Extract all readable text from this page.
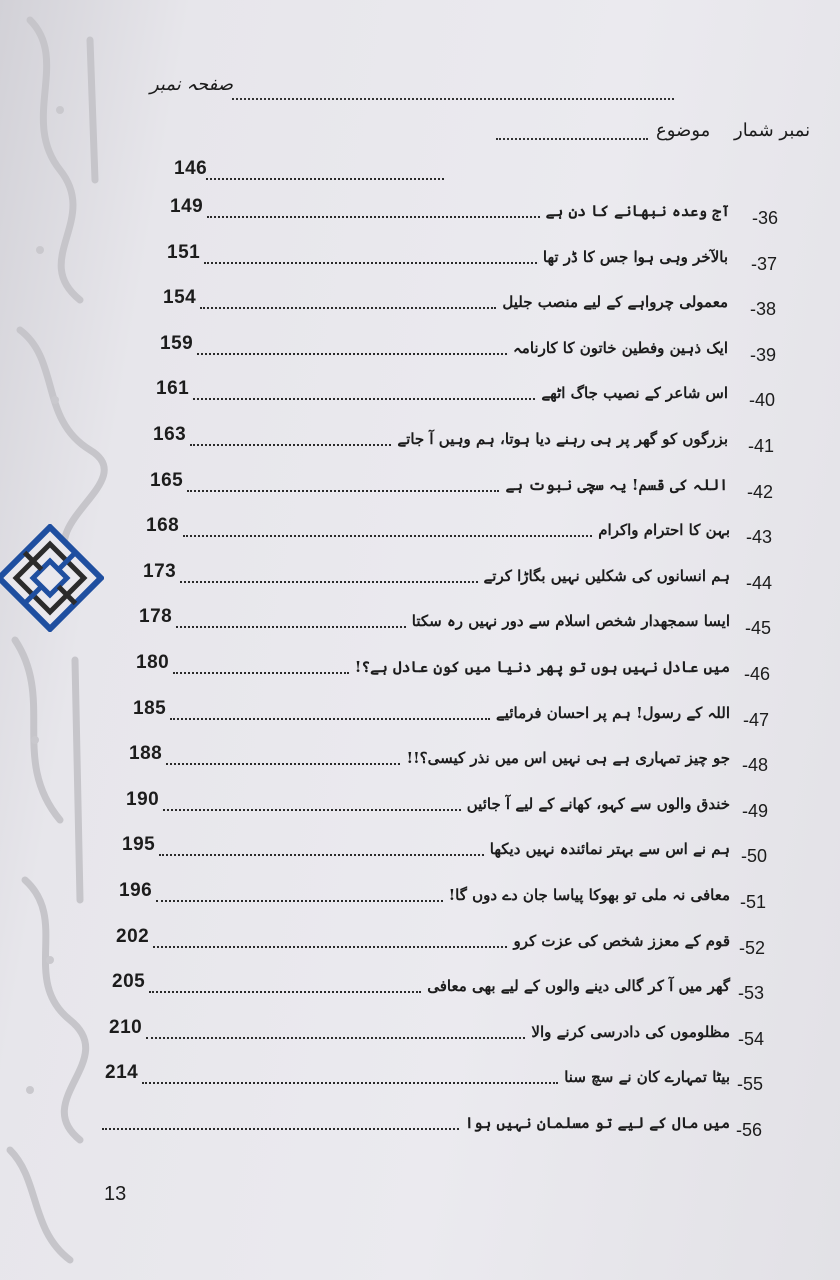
صفحہ نمبر
موضوع نمبر شمار
146
149	آج وعدہ نبھانے کا دن ہے -36
151	بالآخر وہی ہوا جس کا ڈر تھا -37
154	معمولی چرواہے کے لیے منصب جلیل -38
159	ایک ذہین وفطین خاتون کا کارنامہ -39
161	اس شاعر کے نصیب جاگ اٹھے -40
163	بزرگوں کو گھر پر ہی رہنے دیا ہوتا، ہم وہیں آ جاتے -41
165	اللہ کی قسم! یہ سچی نبوت ہے -42
168	بہن کا احترام واکرام -43
173	ہم انسانوں کی شکلیں نہیں بگاڑا کرتے -44
178	ایسا سمجھدار شخص اسلام سے دور نہیں رہ سکتا -45
180	میں عادل نہیں ہوں تو پھر دنیا میں کون عادل ہے؟! -46
185	اللہ کے رسول! ہم پر احسان فرمائیے -47
188	جو چیز تمہاری ہے ہی نہیں اس میں نذر کیسی؟!! -48
190	خندق والوں سے کہو، کھانے کے لیے آ جائیں -49
195	ہم نے اس سے بہتر نمائندہ نہیں دیکھا -50
196	معافی نہ ملی تو بھوکا پیاسا جان دے دوں گا! -51
202	قوم کے معزز شخص کی عزت کرو -52
205	گھر میں آ کر گالی دینے والوں کے لیے بھی معافی -53
210	مظلوموں کی دادرسی کرنے والا -54
214	بیٹا تمہارے کان نے سچ سنا -55
میں مال کے لیے تو مسلمان نہیں ہوا -56
13
